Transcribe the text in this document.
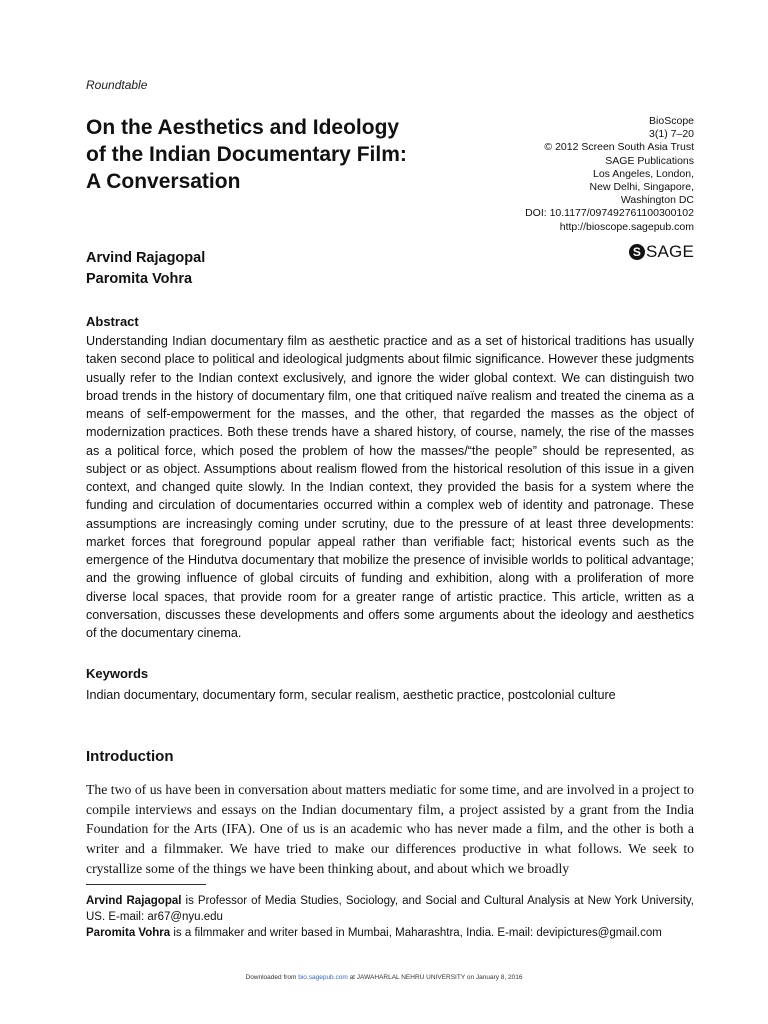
Roundtable
On the Aesthetics and Ideology
of the Indian Documentary Film:
A Conversation
BioScope
3(1) 7–20
© 2012 Screen South Asia Trust
SAGE Publications
Los Angeles, London,
New Delhi, Singapore,
Washington DC
DOI: 10.1177/097492761100300102
http://bioscope.sagepub.com
S SAGE
Arvind Rajagopal
Paromita Vohra
Abstract

Understanding Indian documentary film as aesthetic practice and as a set of historical traditions has usually taken second place to political and ideological judgments about filmic significance. However these judgments usually refer to the Indian context exclusively, and ignore the wider global context. We can distinguish two broad trends in the history of documentary film, one that critiqued naïve realism and treated the cinema as a means of self-empowerment for the masses, and the other, that regarded the masses as the object of modernization practices. Both these trends have a shared history, of course, namely, the rise of the masses as a political force, which posed the problem of how the masses/“the people” should be represented, as subject or as object. Assumptions about realism flowed from the historical resolution of this issue in a given context, and changed quite slowly. In the Indian context, they provided the basis for a system where the funding and circulation of documentaries occurred within a complex web of identity and patronage. These assumptions are increasingly coming under scrutiny, due to the pressure of at least three developments: market forces that foreground popular appeal rather than verifiable fact; historical events such as the emergence of the Hindutva documentary that mobilize the presence of invisible worlds to political advantage; and the growing influence of global circuits of funding and exhibition, along with a proliferation of more diverse local spaces, that provide room for a greater range of artistic practice. This article, written as a conversation, discusses these developments and offers some arguments about the ideology and aesthetics of the documentary cinema.

Keywords
Indian documentary, documentary form, secular realism, aesthetic practice, postcolonial culture
Introduction

The two of us have been in conversation about matters mediatic for some time, and are involved in a project to compile interviews and essays on the Indian documentary film, a project assisted by a grant from the India Foundation for the Arts (IFA). One of us is an academic who has never made a film, and the other is both a writer and a filmmaker. We have tried to make our differences productive in what follows. We seek to crystallize some of the things we have been thinking about, and about which we broadly

Arvind Rajagopal is Professor of Media Studies, Sociology, and Social and Cultural Analysis at New York University, US. E-mail: ar67@nyu.edu

Paromita Vohra is a filmmaker and writer based in Mumbai, Maharashtra, India. E-mail: devipictures@gmail.com

Downloaded from bio.sagepub.com at JAWAHARLAL NEHRU UNIVERSITY on January 8, 2016
